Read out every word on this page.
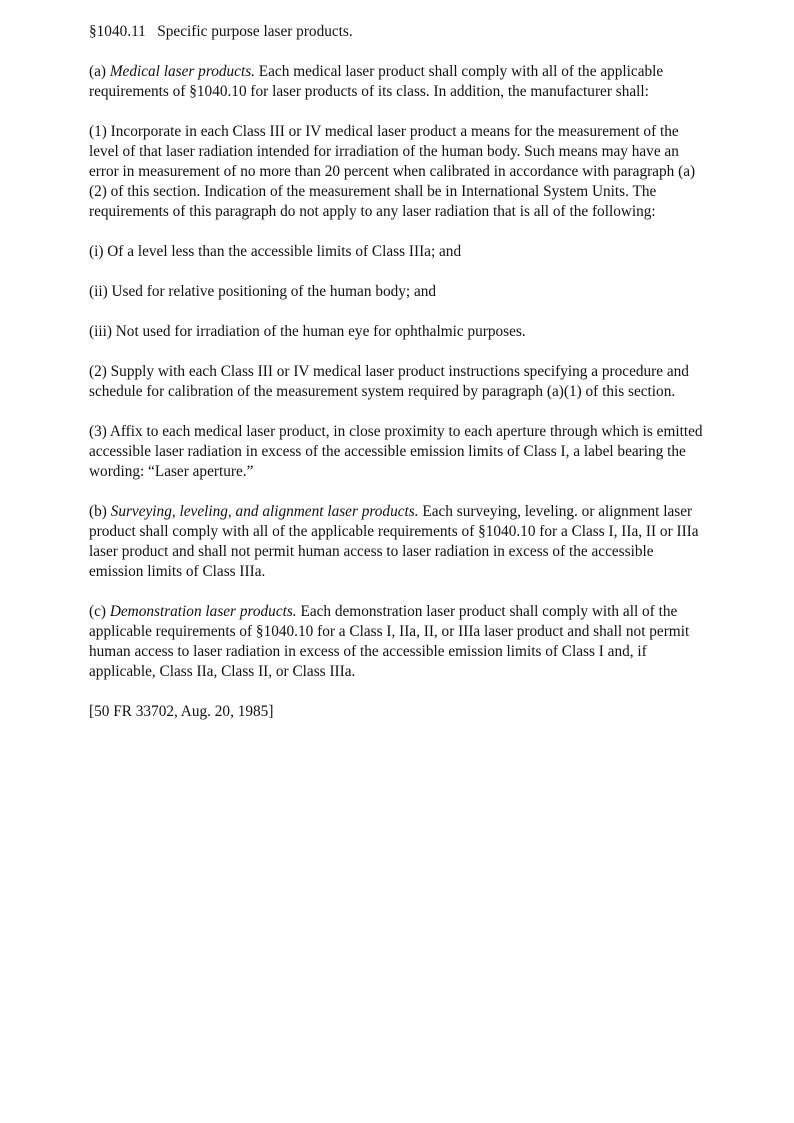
§1040.11 Specific purpose laser products.

(a) Medical laser products. Each medical laser product shall comply with all of the applicable requirements of §1040.10 for laser products of its class. In addition, the manufacturer shall:

(1) Incorporate in each Class III or IV medical laser product a means for the measurement of the level of that laser radiation intended for irradiation of the human body. Such means may have an error in measurement of no more than 20 percent when calibrated in accordance with paragraph (a)(2) of this section. Indication of the measurement shall be in International System Units. The requirements of this paragraph do not apply to any laser radiation that is all of the following:

(i) Of a level less than the accessible limits of Class IIIa; and

(ii) Used for relative positioning of the human body; and

(iii) Not used for irradiation of the human eye for ophthalmic purposes.

(2) Supply with each Class III or IV medical laser product instructions specifying a procedure and schedule for calibration of the measurement system required by paragraph (a)(1) of this section.

(3) Affix to each medical laser product, in close proximity to each aperture through which is emitted accessible laser radiation in excess of the accessible emission limits of Class I, a label bearing the wording: “Laser aperture.”

(b) Surveying, leveling, and alignment laser products. Each surveying, leveling. or alignment laser product shall comply with all of the applicable requirements of §1040.10 for a Class I, IIa, II or IIIa laser product and shall not permit human access to laser radiation in excess of the accessible emission limits of Class IIIa.

(c) Demonstration laser products. Each demonstration laser product shall comply with all of the applicable requirements of §1040.10 for a Class I, IIa, II, or IIIa laser product and shall not permit human access to laser radiation in excess of the accessible emission limits of Class I and, if applicable, Class IIa, Class II, or Class IIIa.

[50 FR 33702, Aug. 20, 1985]
